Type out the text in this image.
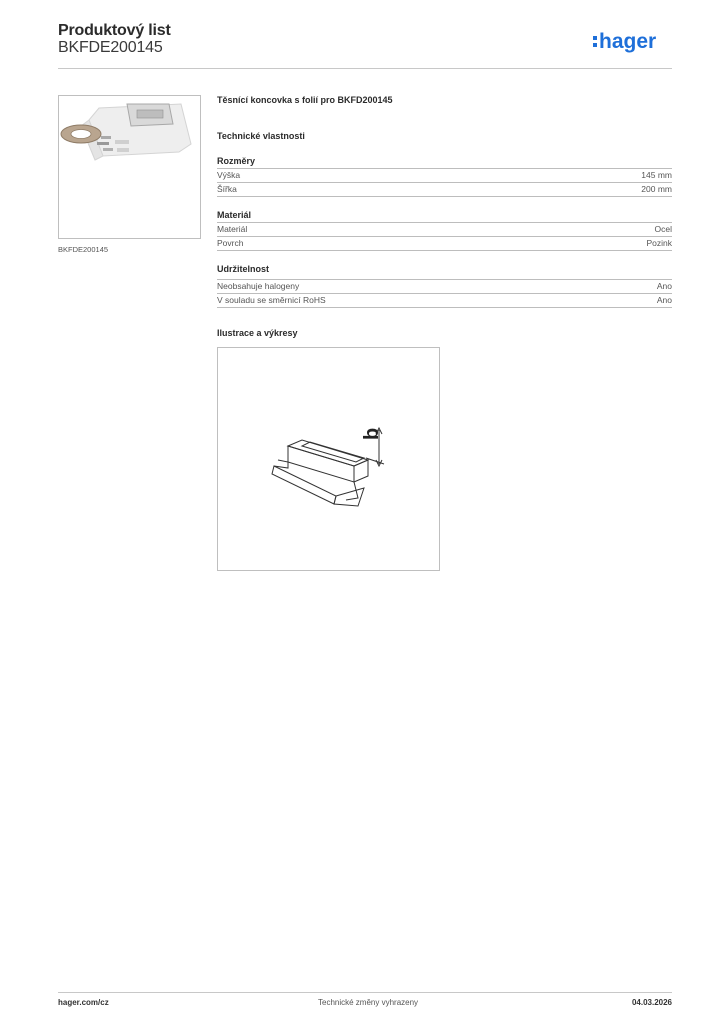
Produktový list
BKFDE200145	hager
BKFDE200145
Těsnící koncovka s folií pro BKFD200145
Technické vlastnosti
Rozměry
Výška	145 mm
Šířka	200 mm
Materiál
Materiál	Ocel
Povrch	Pozink
Udržitelnost
Neobsahuje halogeny	Ano
V souladu se směrnicí RoHS	Ano
Ilustrace a výkresy
b
hager.com/cz	Technické změny vyhrazeny	04.03.2026
